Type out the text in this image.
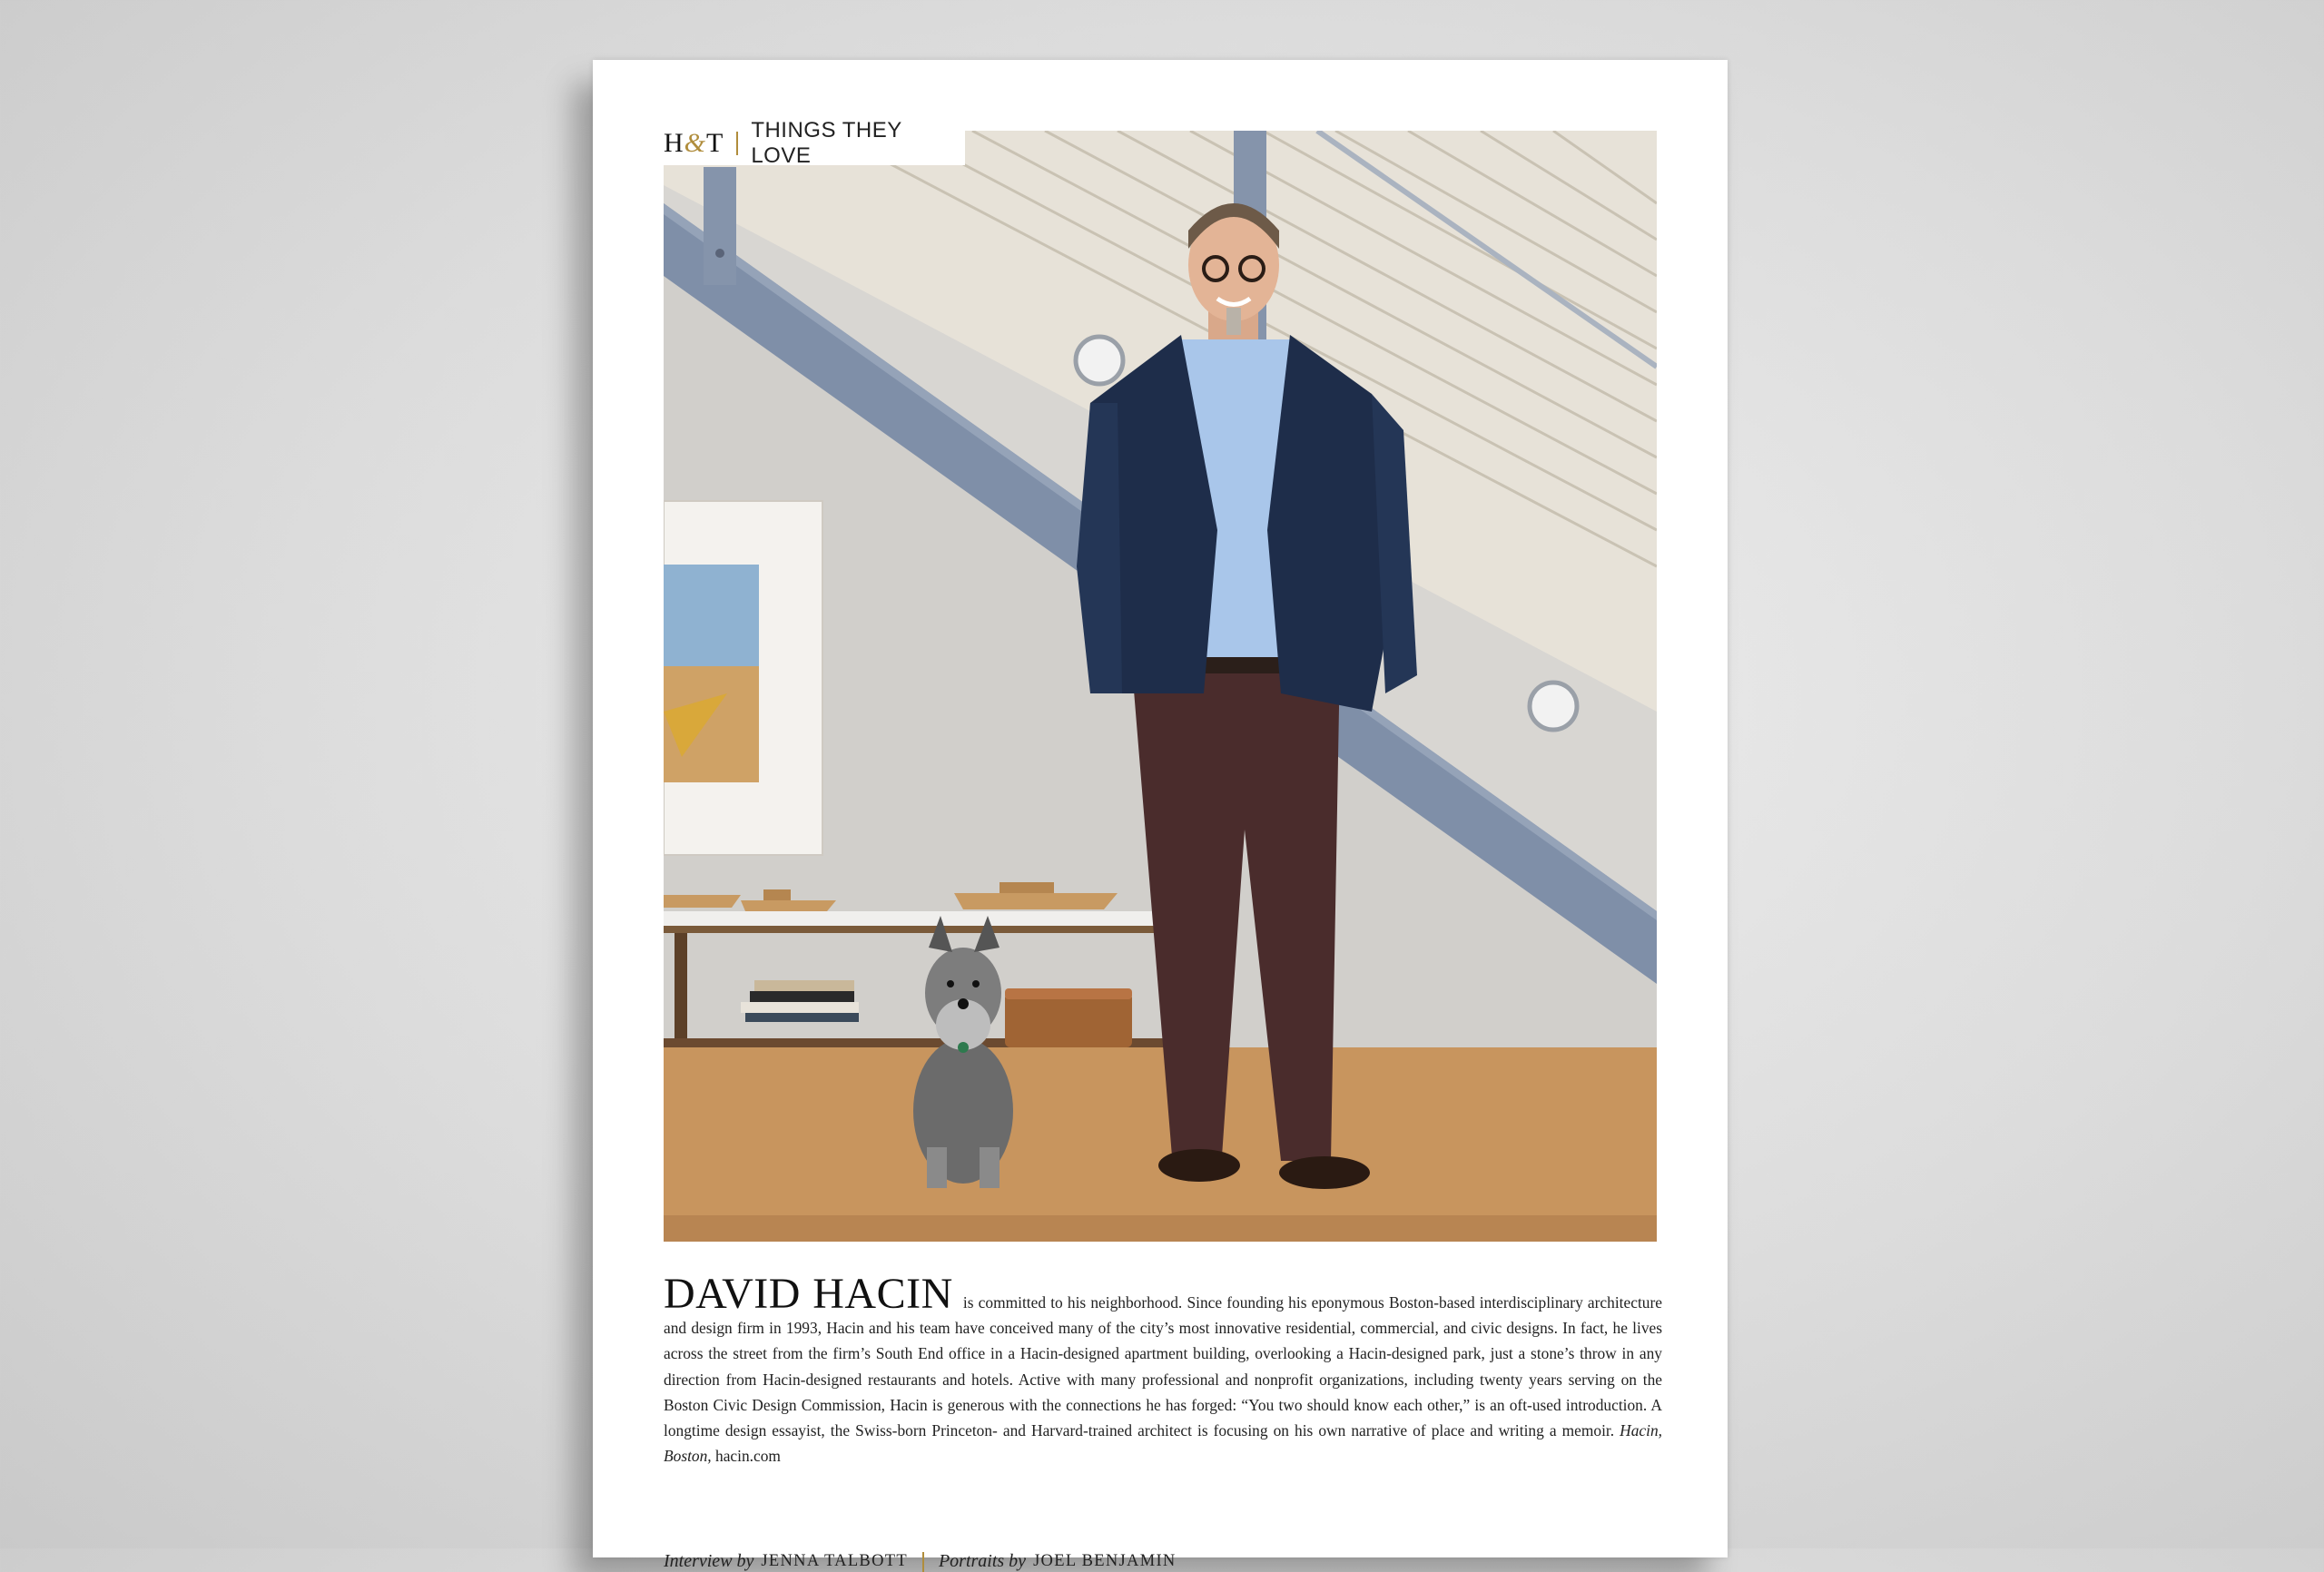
H&T THINGS THEY LOVE
DAVID HACIN is committed to his neighborhood. Since founding his eponymous Boston-based interdisciplinary architecture and design firm in 1993, Hacin and his team have conceived many of the city’s most innovative residential, commercial, and civic designs. In fact, he lives across the street from the firm’s South End office in a Hacin-designed apartment building, overlooking a Hacin-designed park, just a stone’s throw in any direction from Hacin-designed restaurants and hotels. Active with many professional and nonprofit organizations, including twenty years serving on the Boston Civic Design Commission, Hacin is generous with the connections he has forged: “You two should know each other,” is an oft-used introduction. A longtime design essayist, the Swiss-born Princeton- and Harvard-trained architect is focusing on his own narrative of place and writing a memoir. Hacin, Boston, hacin.com
Interview by JENNA TALBOTT Portraits by JOEL BENJAMIN
